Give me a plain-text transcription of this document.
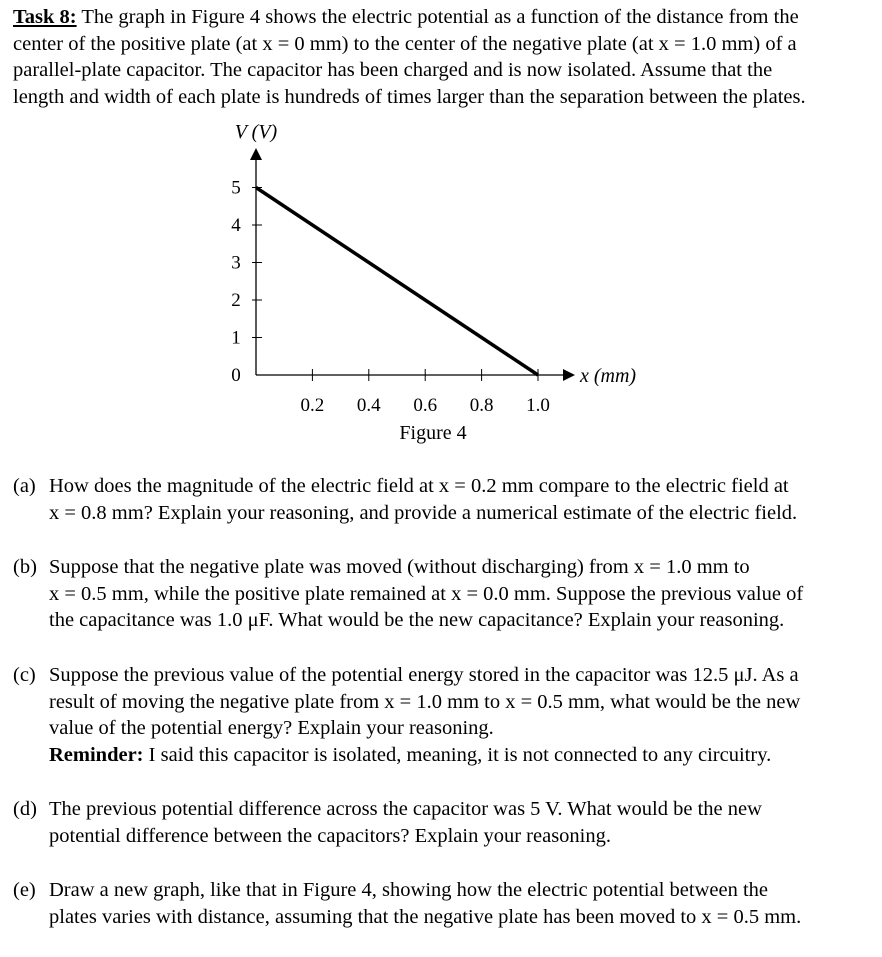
Task 8: The graph in Figure 4 shows the electric potential as a function of the distance from the
center of the positive plate (at x = 0 mm) to the center of the negative plate (at x = 1.0 mm) of a
parallel-plate capacitor. The capacitor has been charged and is now isolated. Assume that the
length and width of each plate is hundreds of times larger than the separation between the plates.
0
1
2
3
4
5
0.2 0.4 0.6 0.8 1.0
V (V)
x (mm)
Figure 4
(a) How does the magnitude of the electric field at x = 0.2 mm compare to the electric field at
x = 0.8 mm? Explain your reasoning, and provide a numerical estimate of the electric field.
(b) Suppose that the negative plate was moved (without discharging) from x = 1.0 mm to
x = 0.5 mm, while the positive plate remained at x = 0.0 mm. Suppose the previous value of
the capacitance was 1.0 μF. What would be the new capacitance? Explain your reasoning.
(c) Suppose the previous value of the potential energy stored in the capacitor was 12.5 μJ. As a
result of moving the negative plate from x = 1.0 mm to x = 0.5 mm, what would be the new
value of the potential energy? Explain your reasoning.
Reminder: I said this capacitor is isolated, meaning, it is not connected to any circuitry.
(d) The previous potential difference across the capacitor was 5 V. What would be the new
potential difference between the capacitors? Explain your reasoning.
(e) Draw a new graph, like that in Figure 4, showing how the electric potential between the
plates varies with distance, assuming that the negative plate has been moved to x = 0.5 mm.
